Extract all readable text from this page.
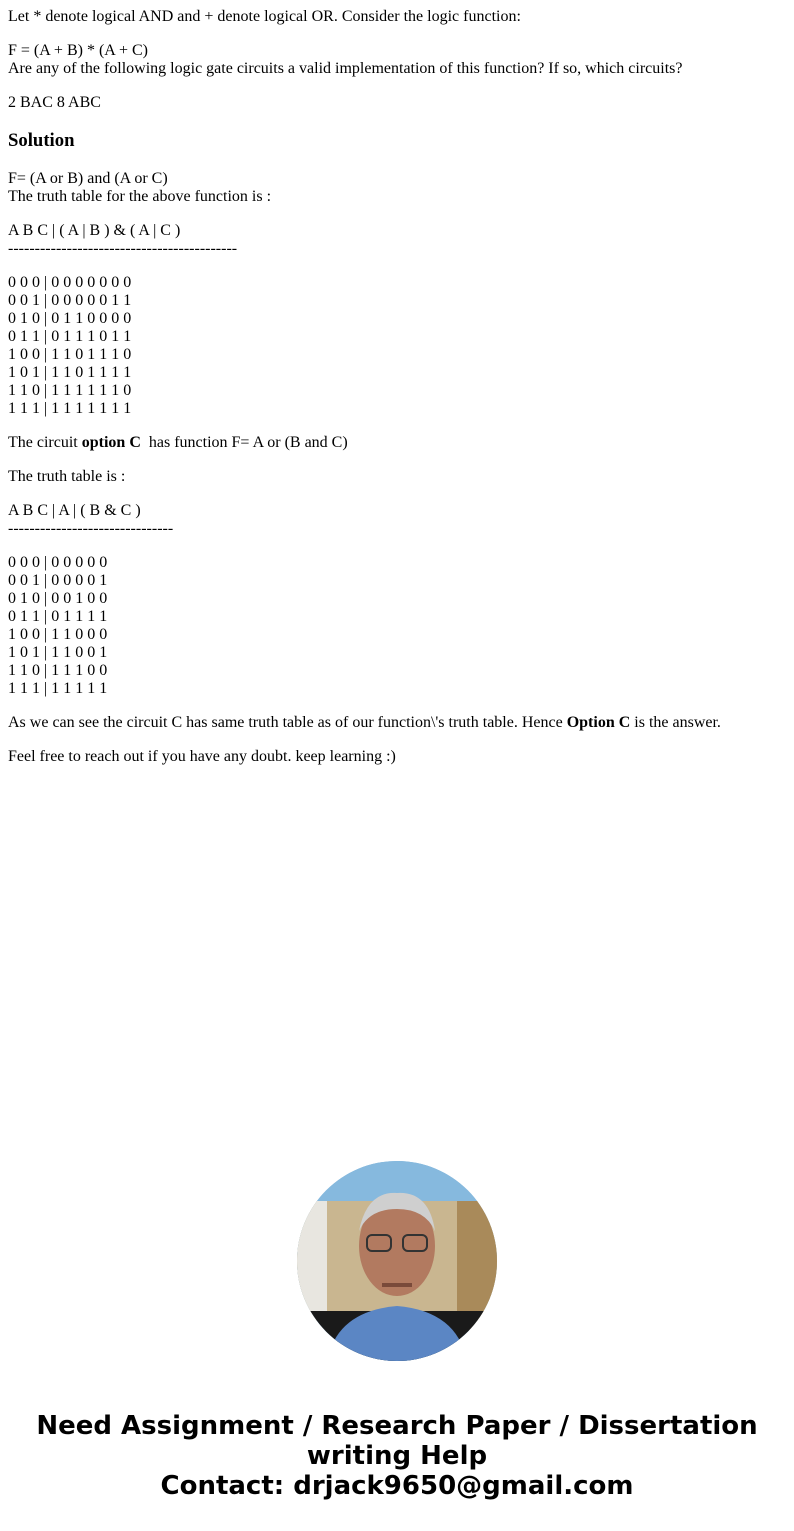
Let * denote logical AND and + denote logical OR. Consider the logic function:

F = (A + B) * (A + C)
Are any of the following logic gate circuits a valid implementation of this function? If so, which circuits?

2 BAC 8 ABC

Solution

F= (A or B) and (A or C)
The truth table for the above function is :

A B C | ( A | B ) & ( A | C )
-------------------------------------------

0 0 0 | 0 0 0 0 0 0 0
0 0 1 | 0 0 0 0 0 1 1
0 1 0 | 0 1 1 0 0 0 0
0 1 1 | 0 1 1 1 0 1 1
1 0 0 | 1 1 0 1 1 1 0
1 0 1 | 1 1 0 1 1 1 1
1 1 0 | 1 1 1 1 1 1 0
1 1 1 | 1 1 1 1 1 1 1

The circuit option C  has function F= A or (B and C)

The truth table is :

A B C | A | ( B & C )
-------------------------------

0 0 0 | 0 0 0 0 0
0 0 1 | 0 0 0 0 1
0 1 0 | 0 0 1 0 0
0 1 1 | 0 1 1 1 1
1 0 0 | 1 1 0 0 0
1 0 1 | 1 1 0 0 1
1 1 0 | 1 1 1 0 0
1 1 1 | 1 1 1 1 1

As we can see the circuit C has same truth table as of our function\'s truth table. Hence Option C is the answer.

Feel free to reach out if you have any doubt. keep learning :)

Need Assignment / Research Paper / Dissertation
writing Help
Contact: drjack9650@gmail.com
